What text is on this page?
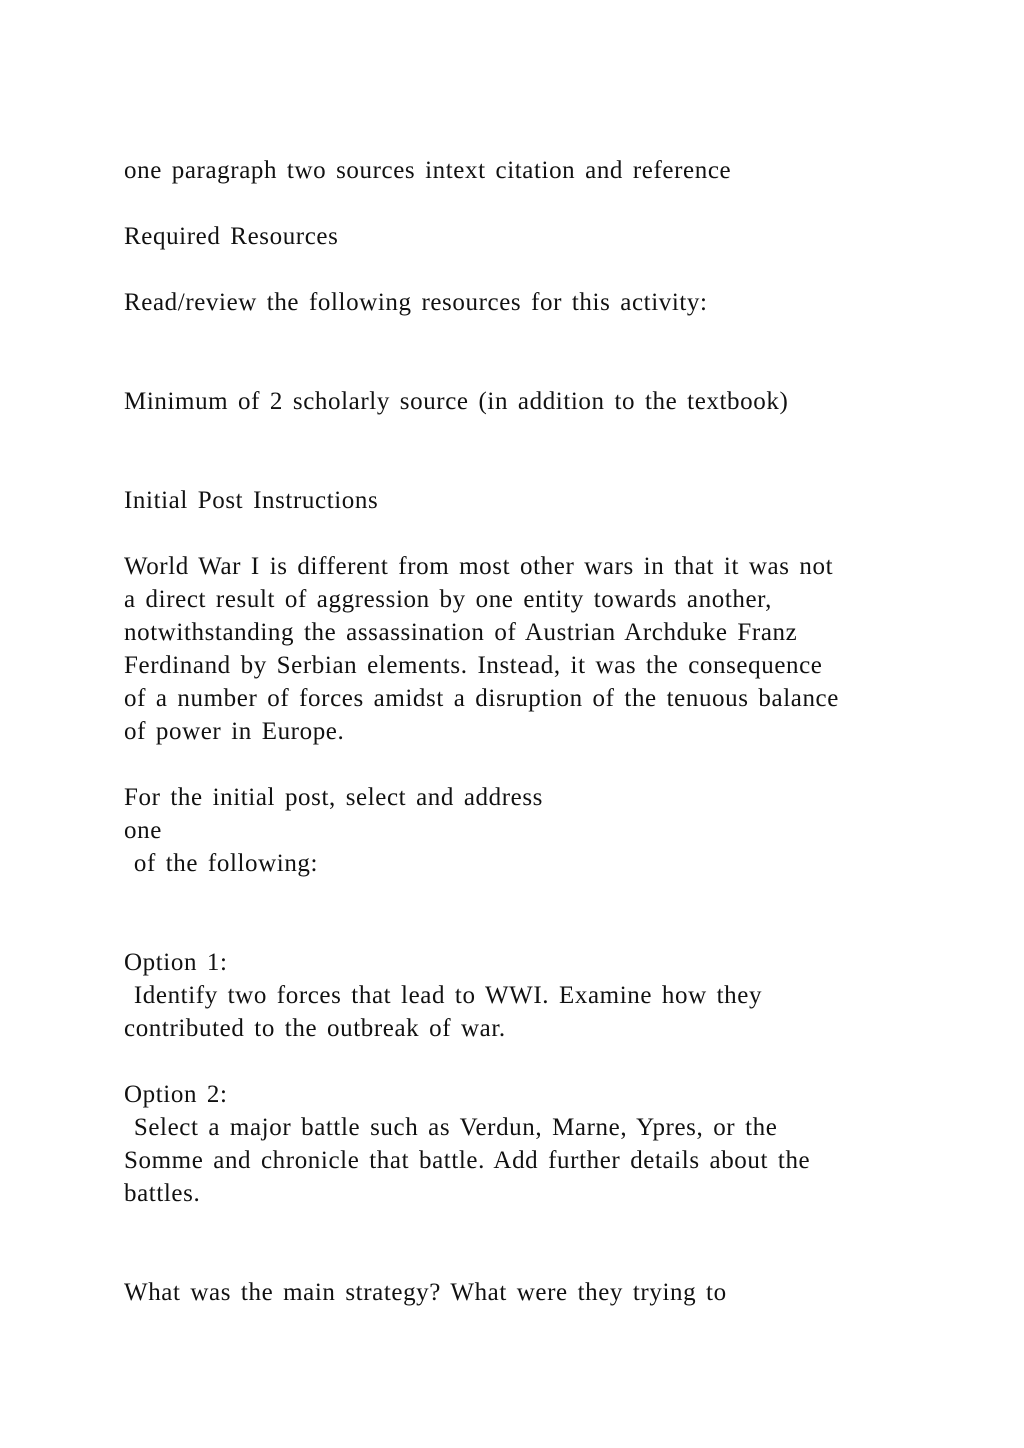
one paragraph two sources intext citation and reference
Required Resources
Read/review the following resources for this activity:
Minimum of 2 scholarly source (in addition to the textbook)
Initial Post Instructions
World War I is different from most other wars in that it was not
a direct result of aggression by one entity towards another,
notwithstanding the assassination of Austrian Archduke Franz
Ferdinand by Serbian elements. Instead, it was the consequence
of a number of forces amidst a disruption of the tenuous balance
of power in Europe.
For the initial post, select and address
one
of the following:
Option 1:
Identify two forces that lead to WWI. Examine how they
contributed to the outbreak of war.
Option 2:
Select a major battle such as Verdun, Marne, Ypres, or the
Somme and chronicle that battle. Add further details about the
battles.
What was the main strategy? What were they trying to
